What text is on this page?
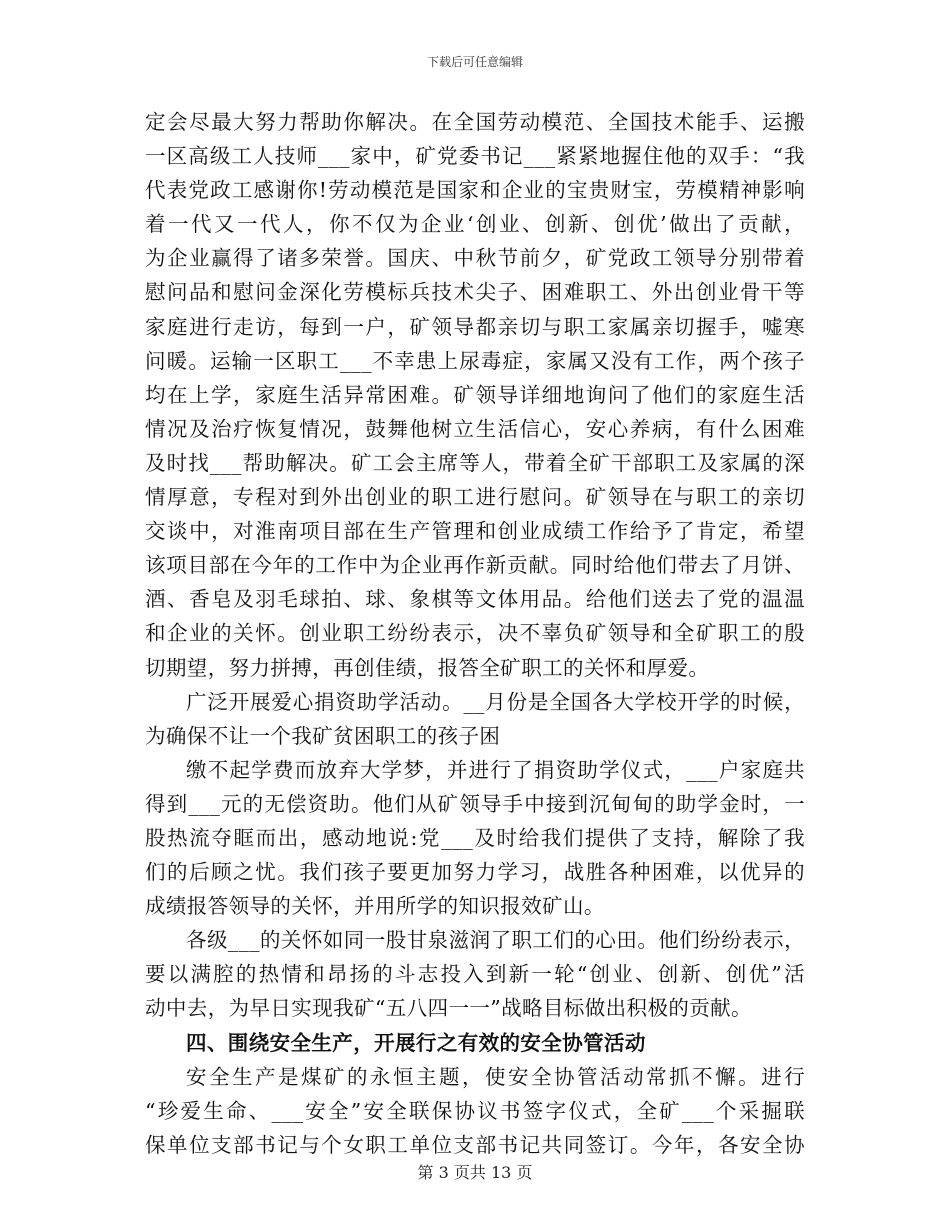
下载后可任意编辑
定会尽最大努力帮助你解决。在全国劳动模范、全国技术能手、运搬
一区高级工人技师___家中，矿党委书记___紧紧地握住他的双手：“我
代表党政工感谢你!劳动模范是国家和企业的宝贵财宝，劳模精神影响
着一代又一代人，你不仅为企业‘创业、创新、创优’做出了贡献，
为企业赢得了诸多荣誉。国庆、中秋节前夕，矿党政工领导分别带着
慰问品和慰问金深化劳模标兵技术尖子、困难职工、外出创业骨干等
家庭进行走访，每到一户，矿领导都亲切与职工家属亲切握手，嘘寒
问暖。运输一区职工___不幸患上尿毒症，家属又没有工作，两个孩子
均在上学，家庭生活异常困难。矿领导详细地询问了他们的家庭生活
情况及治疗恢复情况，鼓舞他树立生活信心，安心养病，有什么困难
及时找___帮助解决。矿工会主席等人，带着全矿干部职工及家属的深
情厚意，专程对到外出创业的职工进行慰问。矿领导在与职工的亲切
交谈中，对淮南项目部在生产管理和创业成绩工作给予了肯定，希望
该项目部在今年的工作中为企业再作新贡献。同时给他们带去了月饼、
酒、香皂及羽毛球拍、球、象棋等文体用品。给他们送去了党的温温
和企业的关怀。创业职工纷纷表示，决不辜负矿领导和全矿职工的殷
切期望，努力拼搏，再创佳绩，报答全矿职工的关怀和厚爱。
广泛开展爱心捐资助学活动。__月份是全国各大学校开学的时候，
为确保不让一个我矿贫困职工的孩子困
缴不起学费而放弃大学梦，并进行了捐资助学仪式，___户家庭共
得到___元的无偿资助。他们从矿领导手中接到沉甸甸的助学金时，一
股热流夺眶而出，感动地说:党___及时给我们提供了支持，解除了我
们的后顾之忧。我们孩子要更加努力学习，战胜各种困难，以优异的
成绩报答领导的关怀，并用所学的知识报效矿山。
各级___的关怀如同一股甘泉滋润了职工们的心田。他们纷纷表示，
要以满腔的热情和昂扬的斗志投入到新一轮“创业、创新、创优”活
动中去，为早日实现我矿“五八四一一”战略目标做出积极的贡献。
四、围绕安全生产，开展行之有效的安全协管活动
安全生产是煤矿的永恒主题，使安全协管活动常抓不懈。进行
“珍爱生命、___安全”安全联保协议书签字仪式，全矿___个采掘联
保单位支部书记与个女职工单位支部书记共同签订。今年，各安全协
第 3 页共 13 页
